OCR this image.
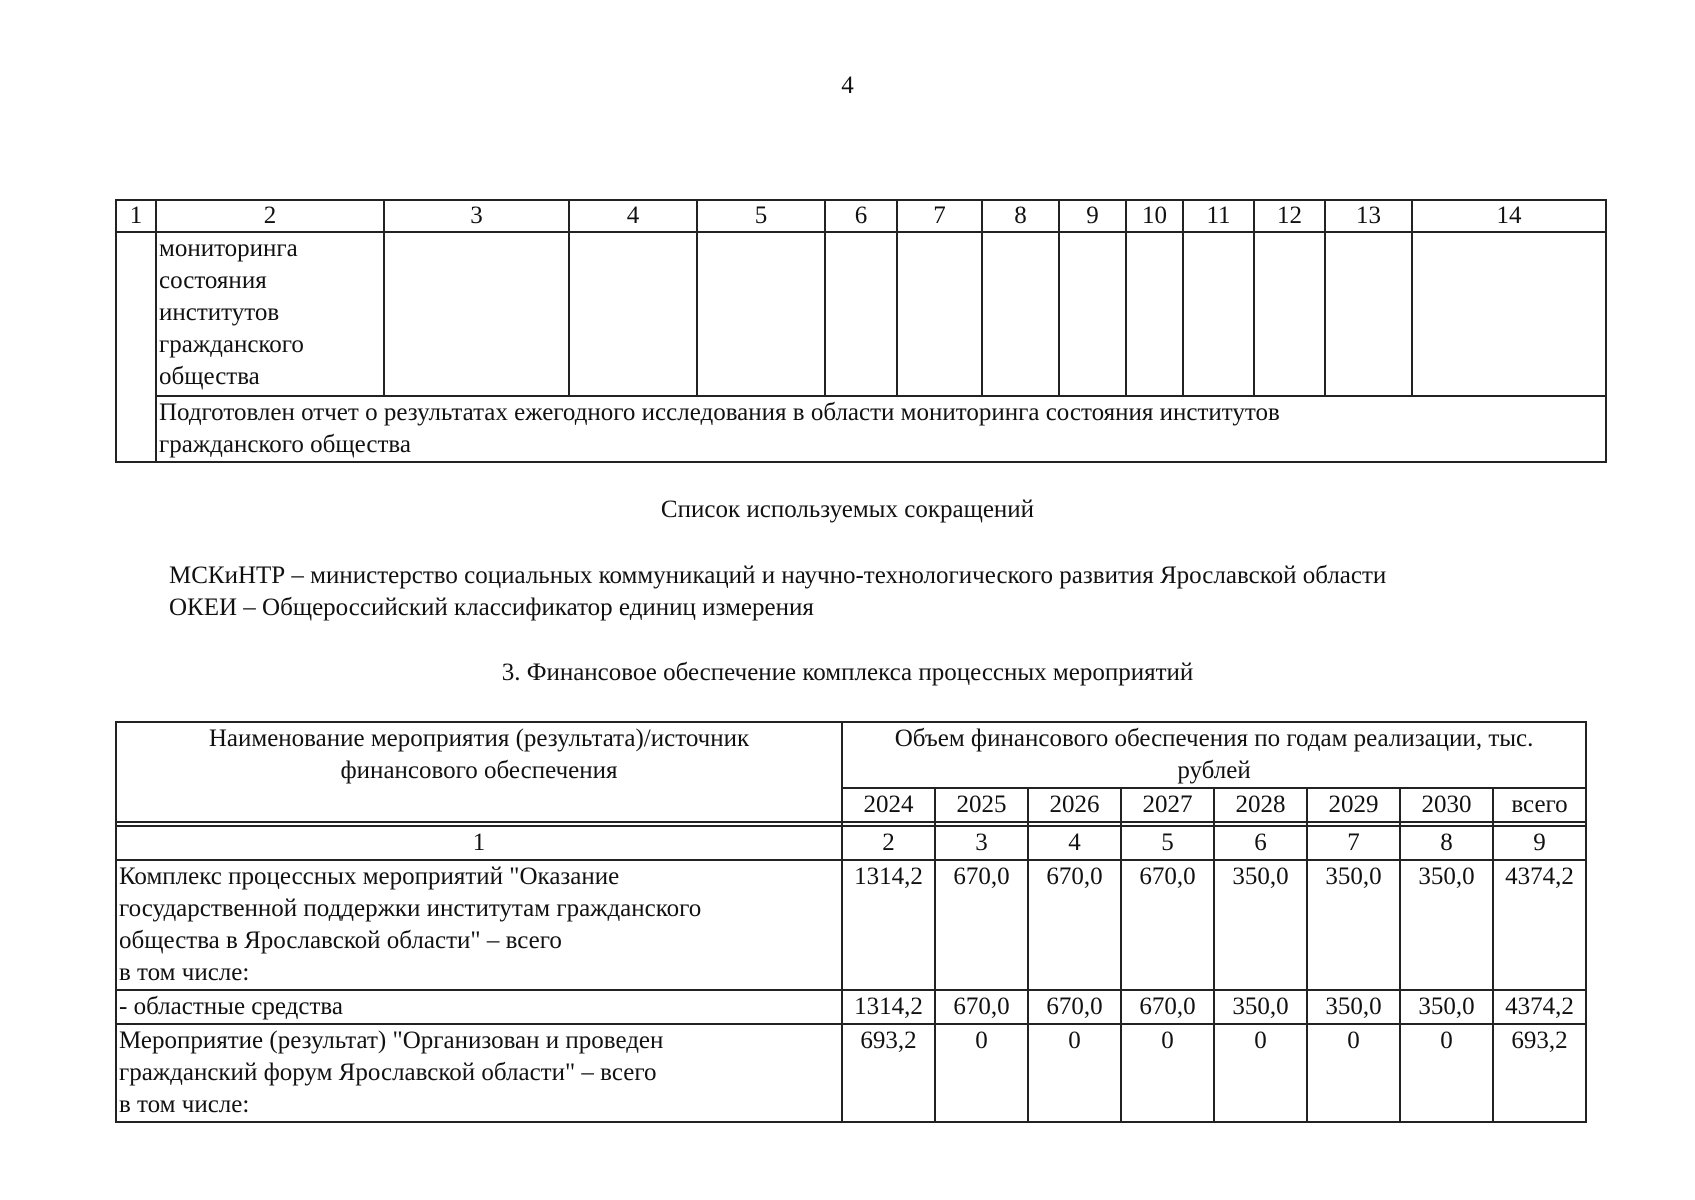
4
1	2	3	4	5	6	7	8	9	10	11	12	13	14

	мониторинга
состояния
институтов
гражданского
общества												

	Подготовлен отчет о результатах ежегодного исследования в области мониторинга состояния институтов
гражданского общества												
Список используемых сокращений
МСКиНТР – министерство социальных коммуникаций и научно-технологического развития Ярославской области
ОКЕИ – Общероссийский классификатор единиц измерения
3. Финансовое обеспечение комплекса процессных мероприятий
Наименование мероприятия (результата)/источник
финансового обеспечения	Объем финансового обеспечения по годам реализации, тыс.
рублей							

	2024	2025	2026	2027	2028	2029	2030	всего

1	2	3	4	5	6	7	8	9

Комплекс процессных мероприятий "Оказание
государственной поддержки институтам гражданского
общества в Ярославской области" – всего
в том числе:	1314,2	670,0	670,0	670,0	350,0	350,0	350,0	4374,2

- областные средства	1314,2	670,0	670,0	670,0	350,0	350,0	350,0	4374,2

Мероприятие (результат) "Организован и проведен
гражданский форум Ярославской области" – всего
в том числе:	693,2	0	0	0	0	0	0	693,2
